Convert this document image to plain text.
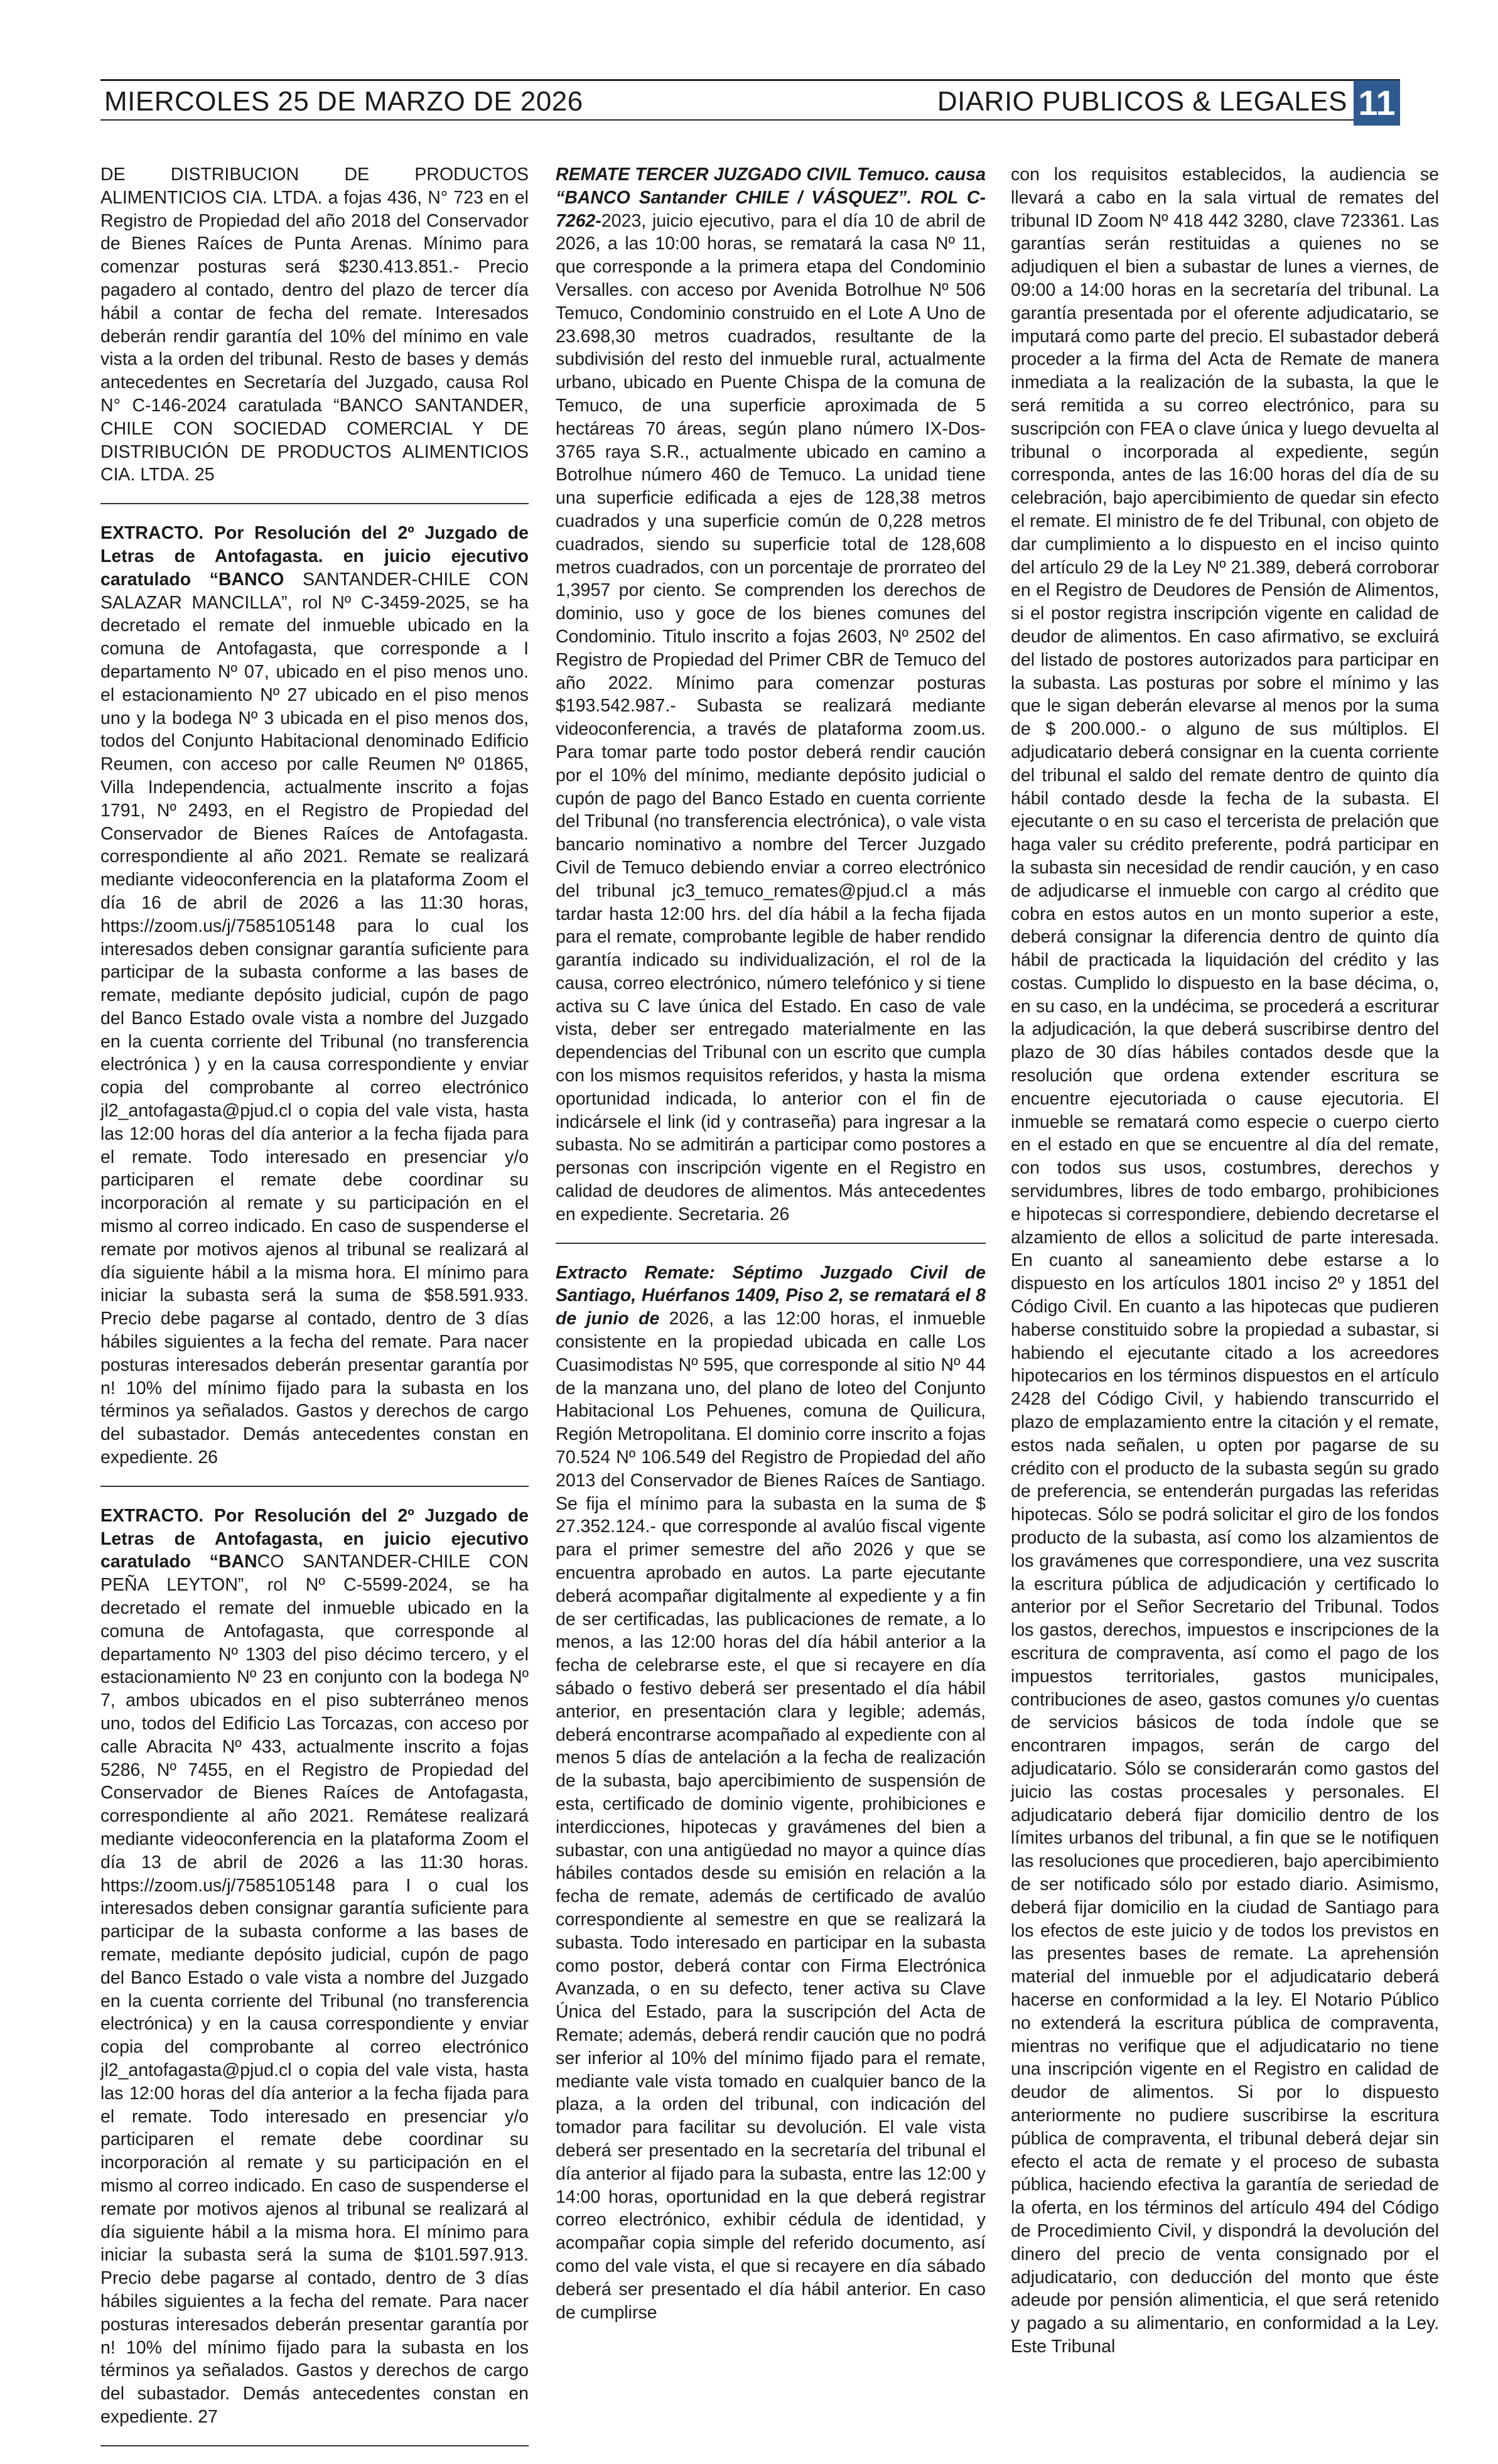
MIERCOLES 25 DE MARZO DE 2026	DIARIO PUBLICOS & LEGALES 11

DE DISTRIBUCION DE PRODUCTOS ALIMENTICIOS CIA. LTDA. a fojas 436, N° 723 en el Registro de Propiedad del año 2018 del Conservador de Bienes Raíces de Punta Arenas. Mínimo para comenzar posturas será $230.413.851.- Precio pagadero al contado, dentro del plazo de tercer día hábil a contar de fecha del remate. Interesados deberán rendir garantía del 10% del mínimo en vale vista a la orden del tribunal. Resto de bases y demás antecedentes en Secretaría del Juzgado, causa Rol N° C-146-2024 caratulada “BANCO SANTANDER, CHILE CON SOCIEDAD COMERCIAL Y DE DISTRIBUCIÓN DE PRODUCTOS ALIMENTICIOS CIA. LTDA. 25

EXTRACTO. Por Resolución del 2º Juzgado de Letras de Antofagasta. en juicio ejecutivo caratulado “BANCO SANTANDER-CHILE CON SALAZAR MANCILLA”, rol Nº C-3459-2025, se ha decretado el remate del inmueble ubicado en la comuna de Antofagasta, que corresponde a I departamento Nº 07, ubicado en el piso menos uno. el estacionamiento Nº 27 ubicado en el piso menos uno y la bodega Nº 3 ubicada en el piso menos dos, todos del Conjunto Habitacional denominado Edificio Reumen, con acceso por calle Reumen Nº 01865, Villa Independencia, actualmente inscrito a fojas 1791, Nº 2493, en el Registro de Propiedad del Conservador de Bienes Raíces de Antofagasta. correspondiente al año 2021. Remate se realizará mediante videoconferencia en la plataforma Zoom el día 16 de abril de 2026 a las 11:30 horas, https://zoom.us/j/7585105148 para lo cual los interesados deben consignar garantía suficiente para participar de la subasta conforme a las bases de remate, mediante depósito judicial, cupón de pago del Banco Estado ovale vista a nombre del Juzgado en la cuenta corriente del Tribunal (no transferencia electrónica ) y en la causa correspondiente y enviar copia del comprobante al correo electrónico jl2_antofagasta@pjud.cl o copia del vale vista, hasta las 12:00 horas del día anterior a la fecha fijada para el remate. Todo interesado en presenciar y/o participaren el remate debe coordinar su incorporación al remate y su participación en el mismo al correo indicado. En caso de suspenderse el remate por motivos ajenos al tribunal se realizará al día siguiente hábil a la misma hora. El mínimo para iniciar la subasta será la suma de $58.591.933. Precio debe pagarse al contado, dentro de 3 días hábiles siguientes a la fecha del remate. Para nacer posturas interesados deberán presentar garantía por n! 10% del mínimo fijado para la subasta en los términos ya señalados. Gastos y derechos de cargo del subastador. Demás antecedentes constan en expediente. 26

EXTRACTO. Por Resolución del 2º Juzgado de Letras de Antofagasta, en juicio ejecutivo caratulado “BANCO SANTANDER-CHILE CON PEÑA LEYTON”, rol Nº C-5599-2024, se ha decretado el remate del inmueble ubicado en la comuna de Antofagasta, que corresponde al departamento Nº 1303 del piso décimo tercero, y el estacionamiento Nº 23 en conjunto con la bodega Nº 7, ambos ubicados en el piso subterráneo menos uno, todos del Edificio Las Torcazas, con acceso por calle Abracita Nº 433, actualmente inscrito a fojas 5286, Nº 7455, en el Registro de Propiedad del Conservador de Bienes Raíces de Antofagasta, correspondiente al año 2021. Remátese realizará mediante videoconferencia en la plataforma Zoom el día 13 de abril de 2026 a las 11:30 horas. https://zoom.us/j/7585105148 para I o cual los interesados deben consignar garantía suficiente para participar de la subasta conforme a las bases de remate, mediante depósito judicial, cupón de pago del Banco Estado o vale vista a nombre del Juzgado en la cuenta corriente del Tribunal (no transferencia electrónica) y en la causa correspondiente y enviar copia del comprobante al correo electrónico jl2_antofagasta@pjud.cl o copia del vale vista, hasta las 12:00 horas del día anterior a la fecha fijada para el remate. Todo interesado en presenciar y/o participaren el remate debe coordinar su incorporación al remate y su participación en el mismo al correo indicado. En caso de suspenderse el remate por motivos ajenos al tribunal se realizará al día siguiente hábil a la misma hora. El mínimo para iniciar la subasta será la suma de $101.597.913. Precio debe pagarse al contado, dentro de 3 días hábiles siguientes a la fecha del remate. Para nacer posturas interesados deberán presentar garantía por n! 10% del mínimo fijado para la subasta en los términos ya señalados. Gastos y derechos de cargo del subastador. Demás antecedentes constan en expediente. 27

REMATE TERCER JUZGADO CIVIL Temuco. causa “BANCO Santander CHILE / VÁSQUEZ”. ROL C-7262-2023, juicio ejecutivo, para el día 10 de abril de 2026, a las 10:00 horas, se rematará la casa Nº 11, que corresponde a la primera etapa del Condominio Versalles. con acceso por Avenida Botrolhue Nº 506 Temuco, Condominio construido en el Lote A Uno de 23.698,30 metros cuadrados, resultante de la subdivisión del resto del inmueble rural, actualmente urbano, ubicado en Puente Chispa de la comuna de Temuco, de una superficie aproximada de 5 hectáreas 70 áreas, según plano número IX-Dos-3765 raya S.R., actualmente ubicado en camino a Botrolhue número 460 de Temuco. La unidad tiene una superficie edificada a ejes de 128,38 metros cuadrados y una superficie común de 0,228 metros cuadrados, siendo su superficie total de 128,608 metros cuadrados, con un porcentaje de prorrateo del 1,3957 por ciento. Se comprenden los derechos de dominio, uso y goce de los bienes comunes del Condominio. Titulo inscrito a fojas 2603, Nº 2502 del Registro de Propiedad del Primer CBR de Temuco del año 2022. Mínimo para comenzar posturas $193.542.987.- Subasta se realizará mediante videoconferencia, a través de plataforma zoom.us. Para tomar parte todo postor deberá rendir caución por el 10% del mínimo, mediante depósito judicial o cupón de pago del Banco Estado en cuenta corriente del Tribunal (no transferencia electrónica), o vale vista bancario nominativo a nombre del Tercer Juzgado Civil de Temuco debiendo enviar a correo electrónico del tribunal jc3_temuco_remates@pjud.cl a más tardar hasta 12:00 hrs. del día hábil a la fecha fijada para el remate, comprobante legible de haber rendido garantía indicado su individualización, el rol de la causa, correo electrónico, número telefónico y si tiene activa su C lave única del Estado. En caso de vale vista, deber ser entregado materialmente en las dependencias del Tribunal con un escrito que cumpla con los mismos requisitos referidos, y hasta la misma oportunidad indicada, lo anterior con el fin de indicársele el link (id y contraseña) para ingresar a la subasta. No se admitirán a participar como postores a personas con inscripción vigente en el Registro en calidad de deudores de alimentos. Más antecedentes en expediente. Secretaria. 26

Extracto Remate: Séptimo Juzgado Civil de Santiago, Huérfanos 1409, Piso 2, se rematará el 8 de junio de 2026, a las 12:00 horas, el inmueble consistente en la propiedad ubicada en calle Los Cuasimodistas Nº 595, que corresponde al sitio Nº 44 de la manzana uno, del plano de loteo del Conjunto Habitacional Los Pehuenes, comuna de Quilicura, Región Metropolitana. El dominio corre inscrito a fojas 70.524 Nº 106.549 del Registro de Propiedad del año 2013 del Conservador de Bienes Raíces de Santiago. Se fija el mínimo para la subasta en la suma de $ 27.352.124.- que corresponde al avalúo fiscal vigente para el primer semestre del año 2026 y que se encuentra aprobado en autos. La parte ejecutante deberá acompañar digitalmente al expediente y a fin de ser certificadas, las publicaciones de remate, a lo menos, a las 12:00 horas del día hábil anterior a la fecha de celebrarse este, el que si recayere en día sábado o festivo deberá ser presentado el día hábil anterior, en presentación clara y legible; además, deberá encontrarse acompañado al expediente con al menos 5 días de antelación a la fecha de realización de la subasta, bajo apercibimiento de suspensión de esta, certificado de dominio vigente, prohibiciones e interdicciones, hipotecas y gravámenes del bien a subastar, con una antigüedad no mayor a quince días hábiles contados desde su emisión en relación a la fecha de remate, además de certificado de avalúo correspondiente al semestre en que se realizará la subasta. Todo interesado en participar en la subasta como postor, deberá contar con Firma Electrónica Avanzada, o en su defecto, tener activa su Clave Única del Estado, para la suscripción del Acta de Remate; además, deberá rendir caución que no podrá ser inferior al 10% del mínimo fijado para el remate, mediante vale vista tomado en cualquier banco de la plaza, a la orden del tribunal, con indicación del tomador para facilitar su devolución. El vale vista deberá ser presentado en la secretaría del tribunal el día anterior al fijado para la subasta, entre las 12:00 y 14:00 horas, oportunidad en la que deberá registrar correo electrónico, exhibir cédula de identidad, y acompañar copia simple del referido documento, así como del vale vista, el que si recayere en día sábado deberá ser presentado el día hábil anterior. En caso de cumplirse

con los requisitos establecidos, la audiencia se llevará a cabo en la sala virtual de remates del tribunal ID Zoom Nº 418 442 3280, clave 723361. Las garantías serán restituidas a quienes no se adjudiquen el bien a subastar de lunes a viernes, de 09:00 a 14:00 horas en la secretaría del tribunal. La garantía presentada por el oferente adjudicatario, se imputará como parte del precio. El subastador deberá proceder a la firma del Acta de Remate de manera inmediata a la realización de la subasta, la que le será remitida a su correo electrónico, para su suscripción con FEA o clave única y luego devuelta al tribunal o incorporada al expediente, según corresponda, antes de las 16:00 horas del día de su celebración, bajo apercibimiento de quedar sin efecto el remate. El ministro de fe del Tribunal, con objeto de dar cumplimiento a lo dispuesto en el inciso quinto del artículo 29 de la Ley Nº 21.389, deberá corroborar en el Registro de Deudores de Pensión de Alimentos, si el postor registra inscripción vigente en calidad de deudor de alimentos. En caso afirmativo, se excluirá del listado de postores autorizados para participar en la subasta. Las posturas por sobre el mínimo y las que le sigan deberán elevarse al menos por la suma de $ 200.000.- o alguno de sus múltiplos. El adjudicatario deberá consignar en la cuenta corriente del tribunal el saldo del remate dentro de quinto día hábil contado desde la fecha de la subasta. El ejecutante o en su caso el tercerista de prelación que haga valer su crédito preferente, podrá participar en la subasta sin necesidad de rendir caución, y en caso de adjudicarse el inmueble con cargo al crédito que cobra en estos autos en un monto superior a este, deberá consignar la diferencia dentro de quinto día hábil de practicada la liquidación del crédito y las costas. Cumplido lo dispuesto en la base décima, o, en su caso, en la undécima, se procederá a escriturar la adjudicación, la que deberá suscribirse dentro del plazo de 30 días hábiles contados desde que la resolución que ordena extender escritura se encuentre ejecutoriada o cause ejecutoria. El inmueble se rematará como especie o cuerpo cierto en el estado en que se encuentre al día del remate, con todos sus usos, costumbres, derechos y servidumbres, libres de todo embargo, prohibiciones e hipotecas si correspondiere, debiendo decretarse el alzamiento de ellos a solicitud de parte interesada. En cuanto al saneamiento debe estarse a lo dispuesto en los artículos 1801 inciso 2º y 1851 del Código Civil. En cuanto a las hipotecas que pudieren haberse constituido sobre la propiedad a subastar, si habiendo el ejecutante citado a los acreedores hipotecarios en los términos dispuestos en el artículo 2428 del Código Civil, y habiendo transcurrido el plazo de emplazamiento entre la citación y el remate, estos nada señalen, u opten por pagarse de su crédito con el producto de la subasta según su grado de preferencia, se entenderán purgadas las referidas hipotecas. Sólo se podrá solicitar el giro de los fondos producto de la subasta, así como los alzamientos de los gravámenes que correspondiere, una vez suscrita la escritura pública de adjudicación y certificado lo anterior por el Señor Secretario del Tribunal. Todos los gastos, derechos, impuestos e inscripciones de la escritura de compraventa, así como el pago de los impuestos territoriales, gastos municipales, contribuciones de aseo, gastos comunes y/o cuentas de servicios básicos de toda índole que se encontraren impagos, serán de cargo del adjudicatario. Sólo se considerarán como gastos del juicio las costas procesales y personales. El adjudicatario deberá fijar domicilio dentro de los límites urbanos del tribunal, a fin que se le notifiquen las resoluciones que procedieren, bajo apercibimiento de ser notificado sólo por estado diario. Asimismo, deberá fijar domicilio en la ciudad de Santiago para los efectos de este juicio y de todos los previstos en las presentes bases de remate. La aprehensión material del inmueble por el adjudicatario deberá hacerse en conformidad a la ley. El Notario Público no extenderá la escritura pública de compraventa, mientras no verifique que el adjudicatario no tiene una inscripción vigente en el Registro en calidad de deudor de alimentos. Si por lo dispuesto anteriormente no pudiere suscribirse la escritura pública de compraventa, el tribunal deberá dejar sin efecto el acta de remate y el proceso de subasta pública, haciendo efectiva la garantía de seriedad de la oferta, en los términos del artículo 494 del Código de Procedimiento Civil, y dispondrá la devolución del dinero del precio de venta consignado por el adjudicatario, con deducción del monto que éste adeude por pensión alimenticia, el que será retenido y pagado a su alimentario, en conformidad a la Ley. Este Tribunal
